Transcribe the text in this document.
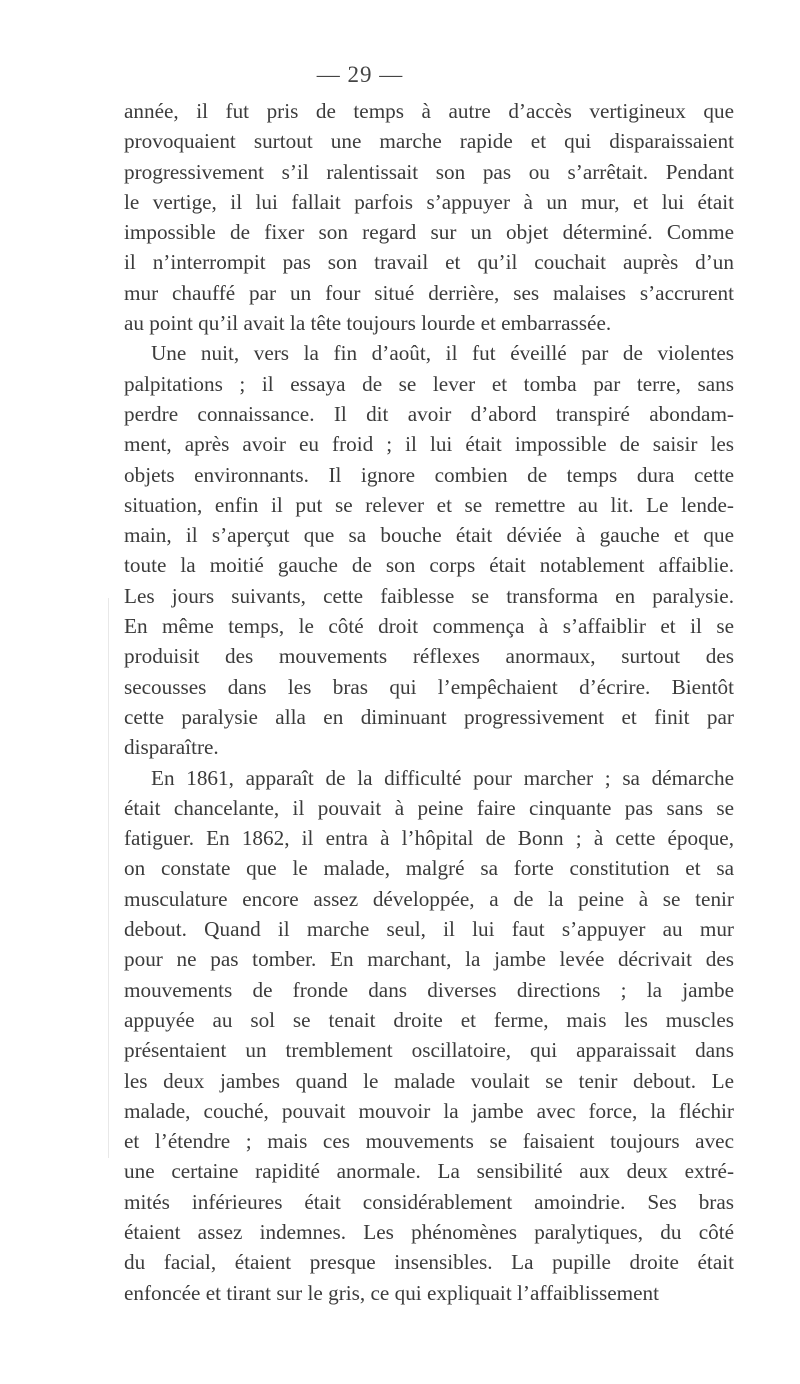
— 29 —
année, il fut pris de temps à autre d’accès vertigineux que
provoquaient surtout une marche rapide et qui disparaissaient
progressivement s’il ralentissait son pas ou s’arrêtait. Pendant
le vertige, il lui fallait parfois s’appuyer à un mur, et lui était
impossible de fixer son regard sur un objet déterminé. Comme
il n’interrompit pas son travail et qu’il couchait auprès d’un
mur chauffé par un four situé derrière, ses malaises s’accrurent
au point qu’il avait la tête toujours lourde et embarrassée.
Une nuit, vers la fin d’août, il fut éveillé par de violentes
palpitations ; il essaya de se lever et tomba par terre, sans
perdre connaissance. Il dit avoir d’abord transpiré abondam-
ment, après avoir eu froid ; il lui était impossible de saisir les
objets environnants. Il ignore combien de temps dura cette
situation, enfin il put se relever et se remettre au lit. Le lende-
main, il s’aperçut que sa bouche était déviée à gauche et que
toute la moitié gauche de son corps était notablement affaiblie.
Les jours suivants, cette faiblesse se transforma en paralysie.
En même temps, le côté droit commença à s’affaiblir et il se
produisit des mouvements réflexes anormaux, surtout des
secousses dans les bras qui l’empêchaient d’écrire. Bientôt
cette paralysie alla en diminuant progressivement et finit par
disparaître.
En 1861, apparaît de la difficulté pour marcher ; sa démarche
était chancelante, il pouvait à peine faire cinquante pas sans se
fatiguer. En 1862, il entra à l’hôpital de Bonn ; à cette époque,
on constate que le malade, malgré sa forte constitution et sa
musculature encore assez développée, a de la peine à se tenir
debout. Quand il marche seul, il lui faut s’appuyer au mur
pour ne pas tomber. En marchant, la jambe levée décrivait des
mouvements de fronde dans diverses directions ; la jambe
appuyée au sol se tenait droite et ferme, mais les muscles
présentaient un tremblement oscillatoire, qui apparaissait dans
les deux jambes quand le malade voulait se tenir debout. Le
malade, couché, pouvait mouvoir la jambe avec force, la fléchir
et l’étendre ; mais ces mouvements se faisaient toujours avec
une certaine rapidité anormale. La sensibilité aux deux extré-
mités inférieures était considérablement amoindrie. Ses bras
étaient assez indemnes. Les phénomènes paralytiques, du côté
du facial, étaient presque insensibles. La pupille droite était
enfoncée et tirant sur le gris, ce qui expliquait l’affaiblissement
